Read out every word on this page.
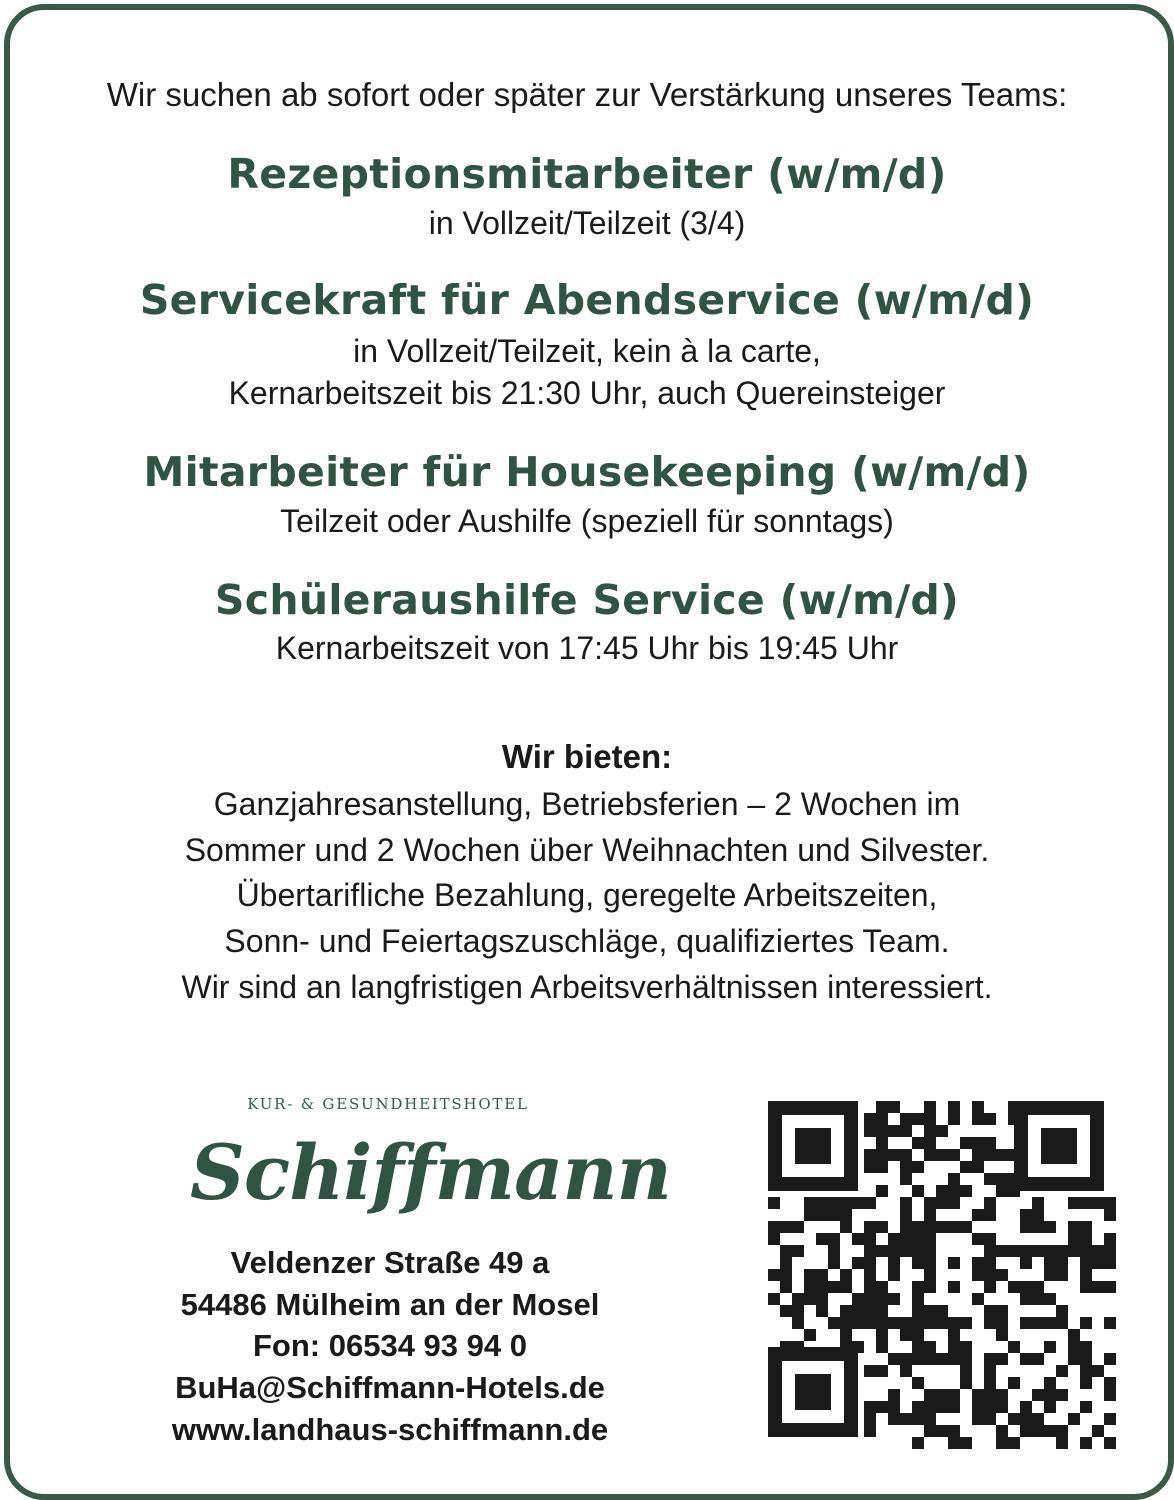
Wir suchen ab sofort oder später zur Verstärkung unseres Teams:
Rezeptionsmitarbeiter (w/m/d)
in Vollzeit/Teilzeit (3/4)
Servicekraft für Abendservice (w/m/d)
in Vollzeit/Teilzeit, kein à la carte,
Kernarbeitszeit bis 21:30 Uhr, auch Quereinsteiger
Mitarbeiter für Housekeeping (w/m/d)
Teilzeit oder Aushilfe (speziell für sonntags)
Schüleraushilfe Service (w/m/d)
Kernarbeitszeit von 17:45 Uhr bis 19:45 Uhr
Wir bieten:
Ganzjahresanstellung, Betriebsferien – 2 Wochen im
Sommer und 2 Wochen über Weihnachten und Silvester.
Übertarifliche Bezahlung, geregelte Arbeitszeiten,
Sonn- und Feiertagszuschläge, qualifiziertes Team.
Wir sind an langfristigen Arbeitsverhältnissen interessiert.
KUR- & GESUNDHEITSHOTEL
Schiffmann
Veldenzer Straße 49 a
54486 Mülheim an der Mosel
Fon: 06534 93 94 0
BuHa@Schiffmann-Hotels.de
www.landhaus-schiffmann.de
